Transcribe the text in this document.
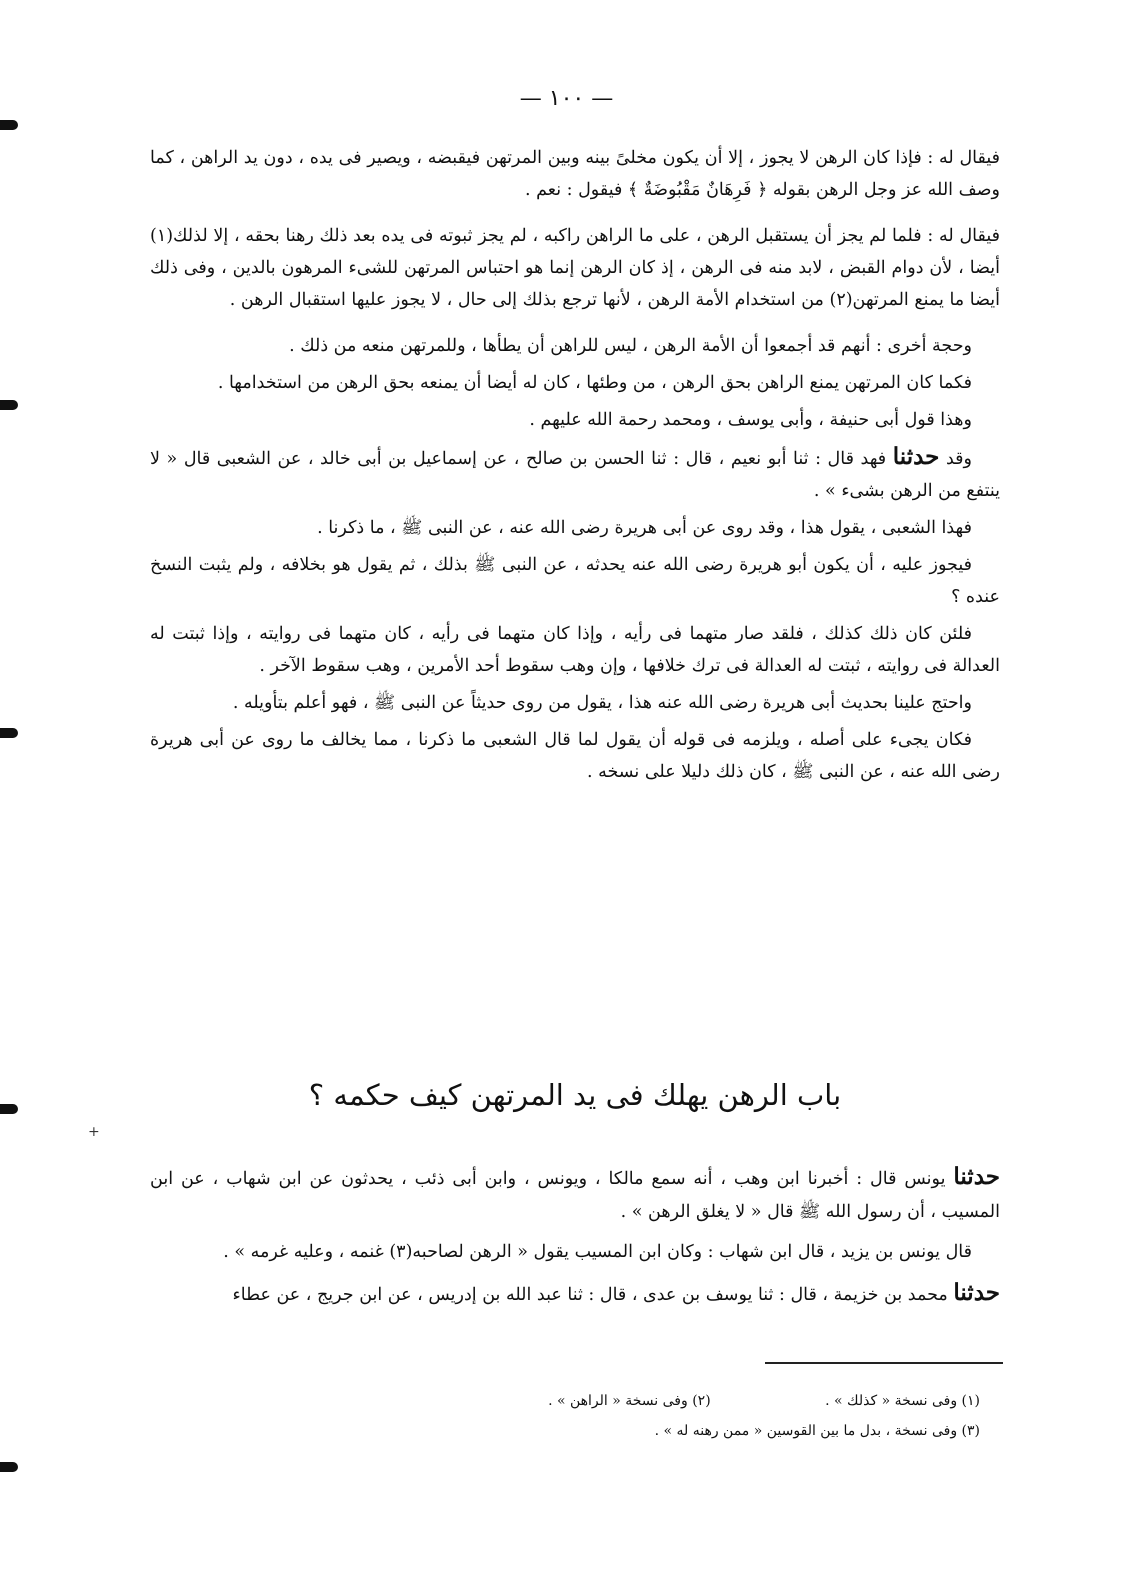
+
— ١٠٠ —

فيقال له : فإذا كان الرهن لا يجوز ، إلا أن يكون مخلىً بينه وبين المرتهن فيقبضه ، ويصير فى يده ، دون يد الراهن ، كما وصف الله عز وجل الرهن بقوله ﴿ فَرِهَانٌ مَقْبُوضَةٌ ﴾ فيقول : نعم .

فيقال له : فلما لم يجز أن يستقبل الرهن ، على ما الراهن راكبه ، لم يجز ثبوته فى يده بعد ذلك رهنا بحقه ، إلا لذلك(١) أيضا ، لأن دوام القبض ، لابد منه فى الرهن ، إذ كان الرهن إنما هو احتباس المرتهن للشىء المرهون بالدين ، وفى ذلك أيضا ما يمنع المرتهن(٢) من استخدام الأمة الرهن ، لأنها ترجع بذلك إلى حال ، لا يجوز عليها استقبال الرهن .

وحجة أخرى : أنهم قد أجمعوا أن الأمة الرهن ، ليس للراهن أن يطأها ، وللمرتهن منعه من ذلك .

فكما كان المرتهن يمنع الراهن بحق الرهن ، من وطئها ، كان له أيضا أن يمنعه بحق الرهن من استخدامها .

وهذا قول أبى حنيفة ، وأبى يوسف ، ومحمد رحمة الله عليهم .

وقد حدثنا فهد قال : ثنا أبو نعيم ، قال : ثنا الحسن بن صالح ، عن إسماعيل بن أبى خالد ، عن الشعبى قال « لا ينتفع من الرهن بشىء » .

فهذا الشعبى ، يقول هذا ، وقد روى عن أبى هريرة رضى الله عنه ، عن النبى ﷺ ، ما ذكرنا .

فيجوز عليه ، أن يكون أبو هريرة رضى الله عنه يحدثه ، عن النبى ﷺ بذلك ، ثم يقول هو بخلافه ، ولم يثبت النسخ عنده ؟

فلئن كان ذلك كذلك ، فلقد صار متهما فى رأيه ، وإذا كان متهما فى رأيه ، كان متهما فى روايته ، وإذا ثبتت له العدالة فى روايته ، ثبتت له العدالة فى ترك خلافها ، وإن وهب سقوط أحد الأمرين ، وهب سقوط الآخر .

واحتج علينا بحديث أبى هريرة رضى الله عنه هذا ، يقول من روى حديثاً عن النبى ﷺ ، فهو أعلم بتأويله .

فكان يجىء على أصله ، ويلزمه فى قوله أن يقول لما قال الشعبى ما ذكرنا ، مما يخالف ما روى عن أبى هريرة رضى الله عنه ، عن النبى ﷺ ، كان ذلك دليلا على نسخه .

باب الرهن يهلك فى يد المرتهن كيف حكمه ؟

حدثنا يونس قال : أخبرنا ابن وهب ، أنه سمع مالكا ، ويونس ، وابن أبى ذئب ، يحدثون عن ابن شهاب ، عن ابن المسيب ، أن رسول الله ﷺ قال « لا يغلق الرهن » .

قال يونس بن يزيد ، قال ابن شهاب : وكان ابن المسيب يقول « الرهن لصاحبه(٣) غنمه ، وعليه غرمه » .

حدثنا محمد بن خزيمة ، قال : ثنا يوسف بن عدى ، قال : ثنا عبد الله بن إدريس ، عن ابن جريج ، عن عطاء

(١) وفى نسخة « كذلك » . (٢) وفى نسخة « الراهن » .
(٣) وفى نسخة ، بدل ما بين القوسين « ممن رهنه له » .
